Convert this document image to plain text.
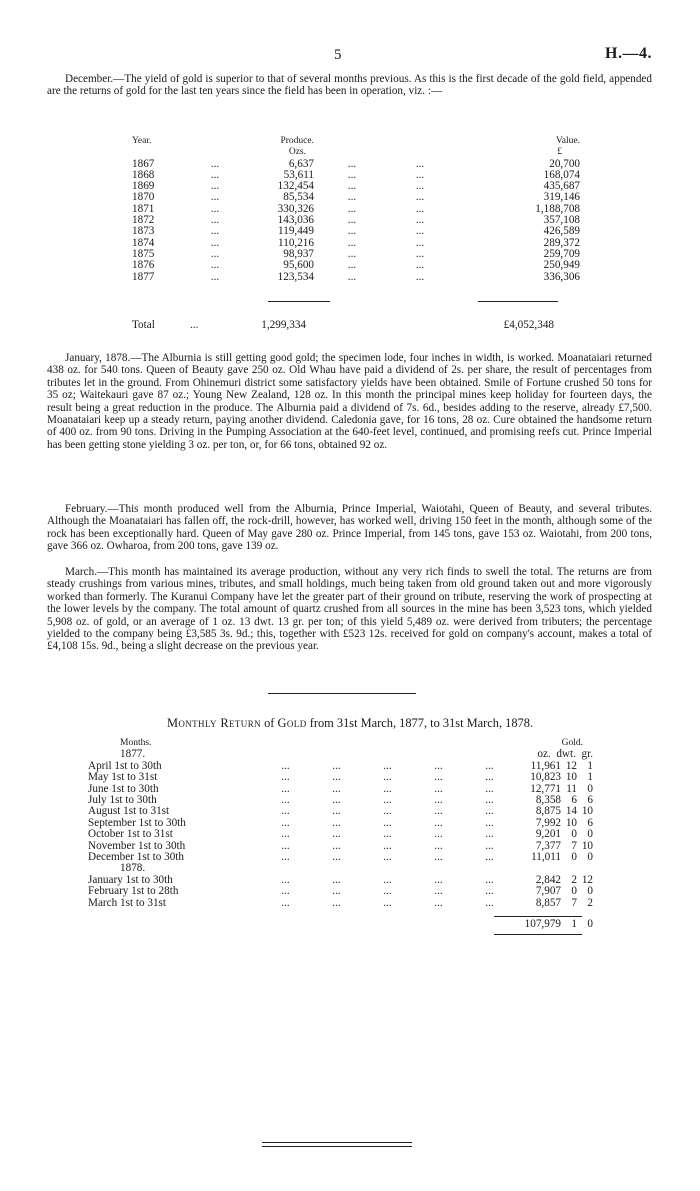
5	H.—4.

December.—The yield of gold is superior to that of several months previous. As this is the first decade of the gold field, appended are the returns of gold for the last ten years since the field has been in operation, viz. :—

Year.		Produce.			Value.
		Ozs.			£
1867	...	6,637	...	...	20,700
1868	...	53,611	...	...	168,074
1869	...	132,454	...	...	435,687
1870	...	85,534	...	...	319,146
1871	...	330,326	...	...	1,188,708
1872	...	143,036	...	...	357,108
1873	...	119,449	...	...	426,589
1874	...	110,216	...	...	289,372
1875	...	98,937	...	...	259,709
1876	...	95,600	...	...	250,949
1877	...	123,534	...	...	336,306
Total	...	1,299,334			£4,052,348

January, 1878.—The Alburnia is still getting good gold; the specimen lode, four inches in width, is worked. Moanataiari returned 438 oz. for 540 tons. Queen of Beauty gave 250 oz. Old Whau have paid a dividend of 2s. per share, the result of percentages from tributes let in the ground. From Ohinemuri district some satisfactory yields have been obtained. Smile of Fortune crushed 50 tons for 35 oz; Waitekauri gave 87 oz.; Young New Zealand, 128 oz. In this month the principal mines keep holiday for fourteen days, the result being a great reduction in the produce. The Alburnia paid a dividend of 7s. 6d., besides adding to the reserve, already £7,500. Moanataiari keep up a steady return, paying another dividend. Caledonia gave, for 16 tons, 28 oz. Cure obtained the handsome return of 400 oz. from 90 tons. Driving in the Pumping Association at the 640-feet level, continued, and promising reefs cut. Prince Imperial has been getting stone yielding 3 oz. per ton, or, for 66 tons, obtained 92 oz.

February.—This month produced well from the Alburnia, Prince Imperial, Waiotahi, Queen of Beauty, and several tributes. Although the Moanataiari has fallen off, the rock-drill, however, has worked well, driving 150 feet in the month, although some of the rock has been exceptionally hard. Queen of May gave 280 oz. Prince Imperial, from 145 tons, gave 153 oz. Waiotahi, from 200 tons, gave 366 oz. Owharoa, from 200 tons, gave 139 oz.

March.—This month has maintained its average production, without any very rich finds to swell the total. The returns are from steady crushings from various mines, tributes, and small holdings, much being taken from old ground taken out and more vigorously worked than formerly. The Kuranui Company have let the greater part of their ground on tribute, reserving the work of prospecting at the lower levels by the company. The total amount of quartz crushed from all sources in the mine has been 3,523 tons, which yielded 5,908 oz. of gold, or an average of 1 oz. 13 dwt. 13 gr. per ton; of this yield 5,489 oz. were derived from tributers; the percentage yielded to the company being £3,585 3s. 9d.; this, together with £523 12s. received for gold on company's account, makes a total of £4,108 15s. 9d., being a slight decrease on the previous year.

Monthly Return of Gold from 31st March, 1877, to 31st March, 1878.
Months.						Gold.		
1877.						oz.  dwt.  gr.		
April 1st to 30th	...	...	...	...	...	11,961	12	1
May 1st to 31st	...	...	...	...	...	10,823	10	1
June 1st to 30th	...	...	...	...	...	12,771	11	0
July 1st to 30th	...	...	...	...	...	8,358	6	6
August 1st to 31st	...	...	...	...	...	8,875	14	10
September 1st to 30th	...	...	...	...	...	7,992	10	6
October 1st to 31st	...	...	...	...	...	9,201	0	0
November 1st to 30th	...	...	...	...	...	7,377	7	10
December 1st to 30th	...	...	...	...	...	11,011	0	0
1878.								
January 1st to 30th	...	...	...	...	...	2,842	2	12
February 1st to 28th	...	...	...	...	...	7,907	0	0
March 1st to 31st	...	...	...	...	...	8,857	7	2

						107,979	1	0
